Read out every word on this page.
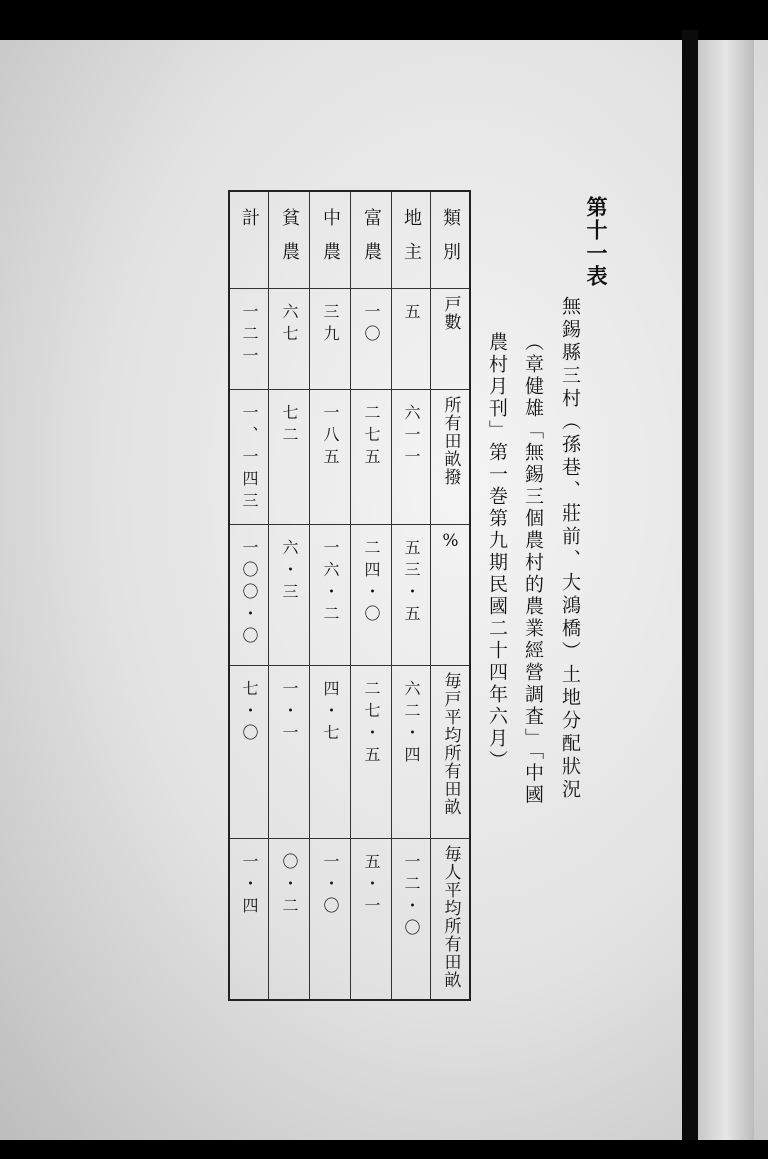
第十一表
無錫縣三村（孫巷、莊前、大鴻橋）土地分配狀況
（章健雄「無錫三個農村的農業經營調査」「中國
農村月刊」第一巻第九期民國二十四年六月）
計	貧農	中農	富農	地主	類別
一二一	六七	三九	一〇	五	戸數
一、一四三	七二	一八五	二七五	六一一	所有田畝撥
一〇〇・〇	六・三	一六・二	二四・〇	五三・五	%
七・〇	一・一	四・七	二七・五	六二・四	毎戸平均所有田畝
一・四	〇・二	一・〇	五・一	一二・〇	毎人平均所有田畝
